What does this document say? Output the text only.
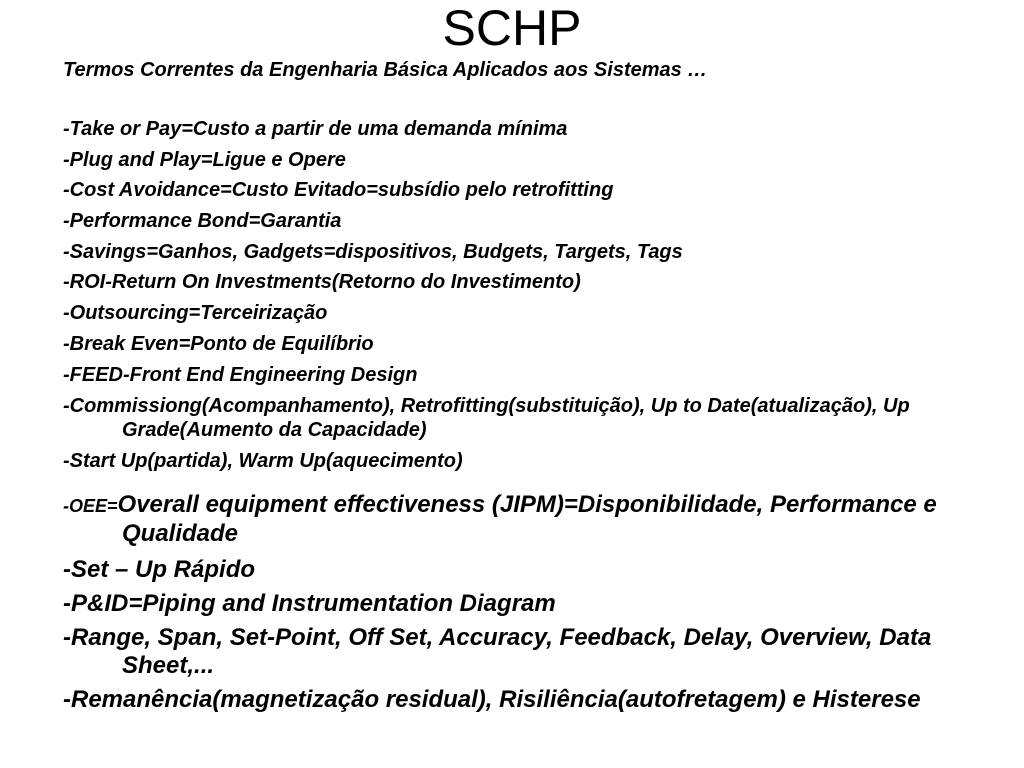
SCHP

Termos Correntes da Engenharia Básica Aplicados aos Sistemas …

-Take or Pay=Custo a partir de uma demanda mínima

-Plug and Play=Ligue e Opere

-Cost Avoidance=Custo Evitado=subsídio pelo retrofitting

-Performance Bond=Garantia

-Savings=Ganhos, Gadgets=dispositivos, Budgets, Targets, Tags

-ROI-Return On Investments(Retorno do Investimento)

-Outsourcing=Terceirização

-Break Even=Ponto de Equilíbrio

-FEED-Front End Engineering Design

-Commissiong(Acompanhamento), Retrofitting(substituição), Up to Date(atualização), Up Grade(Aumento da Capacidade)

-Start Up(partida), Warm Up(aquecimento)

-OEE=Overall equipment effectiveness (JIPM)=Disponibilidade, Performance e Qualidade

-Set – Up Rápido

-P&ID=Piping and Instrumentation Diagram

-Range, Span, Set-Point, Off Set, Accuracy, Feedback, Delay, Overview, Data Sheet,...

-Remanência(magnetização residual), Risiliência(autofretagem) e Histerese
